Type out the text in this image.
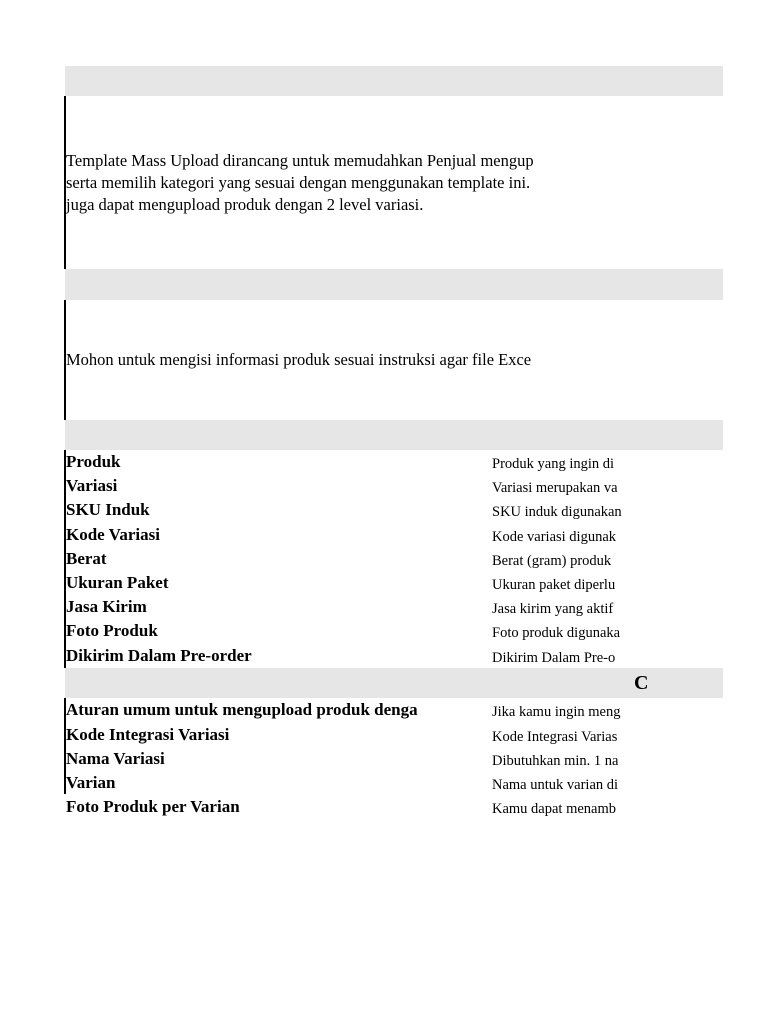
Template Mass Upload dirancang untuk memudahkan Penjual mengup
serta memilih kategori yang sesuai dengan menggunakan template ini.
juga dapat mengupload produk dengan 2 level variasi.
Mohon untuk mengisi informasi produk sesuai instruksi agar file Exce
Produk	Produk yang ingin di
Variasi	Variasi merupakan va
SKU Induk	SKU induk digunakan
Kode Variasi	Kode variasi digunak
Berat	Berat (gram) produk
Ukuran Paket	Ukuran paket diperlu
Jasa Kirim	Jasa kirim yang aktif
Foto Produk	Foto produk digunaka
Dikirim Dalam Pre-order	Dikirim Dalam Pre-o
C
Aturan umum untuk mengupload produk denga	Jika kamu ingin meng
Kode Integrasi Variasi	Kode Integrasi Varias
Nama Variasi	Dibutuhkan min. 1 na
Varian	Nama untuk varian di
Foto Produk per Varian	Kamu dapat menamb
